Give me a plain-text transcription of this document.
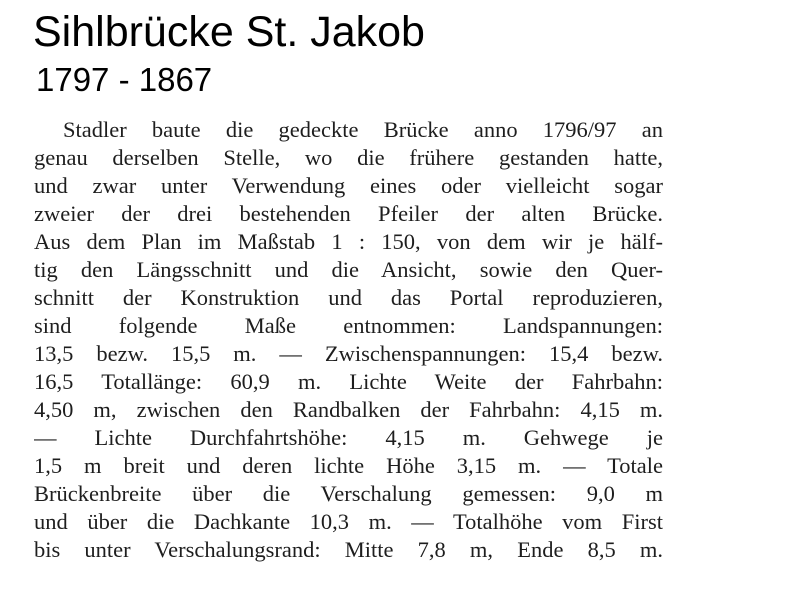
Sihlbrücke St. Jakob
1797 - 1867

Stadler baute die gedeckte Brücke anno 1796/97 an

genau derselben Stelle, wo die frühere gestanden hatte,

und zwar unter Verwendung eines oder vielleicht sogar

zweier der drei bestehenden Pfeiler der alten Brücke.

Aus dem Plan im Maßstab 1 : 150, von dem wir je hälf-

tig den Längsschnitt und die Ansicht, sowie den Quer-

schnitt der Konstruktion und das Portal reproduzieren,

sind folgende Maße entnommen: Landspannungen:

13,5 bezw. 15,5 m. — Zwischenspannungen: 15,4 bezw.

16,5 Totallänge: 60,9 m. Lichte Weite der Fahrbahn:

4,50 m, zwischen den Randbalken der Fahrbahn: 4,15 m.

— Lichte Durchfahrtshöhe: 4,15 m. Gehwege je

1,5 m breit und deren lichte Höhe 3,15 m. — Totale

Brückenbreite über die Verschalung gemessen: 9,0 m

und über die Dachkante 10,3 m. — Totalhöhe vom First

bis unter Verschalungsrand: Mitte 7,8 m, Ende 8,5 m.
